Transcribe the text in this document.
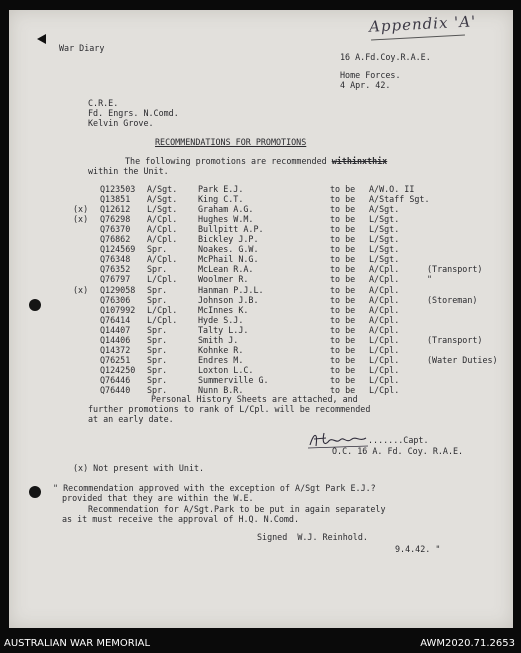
Appendix 'A'
War Diary
16 A.Fd.Coy.R.A.E.
Home Forces.
4 Apr. 42.
C.R.E.
Fd. Engrs. N.Comd.
Kelvin Grove.
RECOMMENDATIONS FOR PROMOTIONS
The following promotions are recommended withinxthix
within the Unit.
Q123503 A/Sgt. Park E.J.	to be A/W.O. II
Q13851 A/Sgt. King C.T.	to be A/Staff Sgt.
(x) Q12612 L/Sgt. Graham A.G.	to be A/Sgt.
(x) Q76298 A/Cpl. Hughes W.M.	to be L/Sgt.
Q76370 A/Cpl. Bullpitt A.P.	to be L/Sgt.
Q76862 A/Cpl. Bickley J.P.	to be L/Sgt.
Q124569 Spr.	Noakes. G.W.	to be L/Sgt.
Q76348 A/Cpl. McPhail N.G.	to be L/Sgt.
Q76352 Spr.	McLean R.A.	to be A/Cpl.	(Transport)
Q76797 L/Cpl. Woolmer R.	to be A/Cpl.	"
(x) Q129058 Spr.	Hanman P.J.L.	to be A/Cpl.
Q76306 Spr.	Johnson J.B.	to be A/Cpl.	(Storeman)
Q107992 L/Cpl. McInnes K.	to be A/Cpl.
Q76414 L/Cpl. Hyde S.J.	to be A/Cpl.
Q14407 Spr.	Talty L.J.	to be A/Cpl.
Q14406 Spr.	Smith J.	to be L/Cpl.	(Transport)
Q14372 Spr.	Kohnke R.	to be L/Cpl.
Q76251 Spr.	Endres M.	to be L/Cpl.	(Water Duties)
Q124250 Spr.	Loxton L.C.	to be L/Cpl.
Q76446 Spr.	Summerville G.	to be L/Cpl.
Q76440 Spr.	Nunn B.R.	to be L/Cpl.
Personal History Sheets are attached, and
further promotions to rank of L/Cpl. will be recommended
at an early date.
.......Capt.
O.C. 16 A. Fd. Coy. R.A.E.
(x) Not present with Unit.
" Recommendation approved with the exception of A/Sgt Park E.J.?
provided that they are within the W.E.
Recommendation for A/Sgt.Park to be put in again separately
as it must receive the approval of H.Q. N.Comd.
Signed  W.J. Reinhold.
9.4.42. "
AUSTRALIAN WAR MEMORIAL	AWM2020.71.2653
